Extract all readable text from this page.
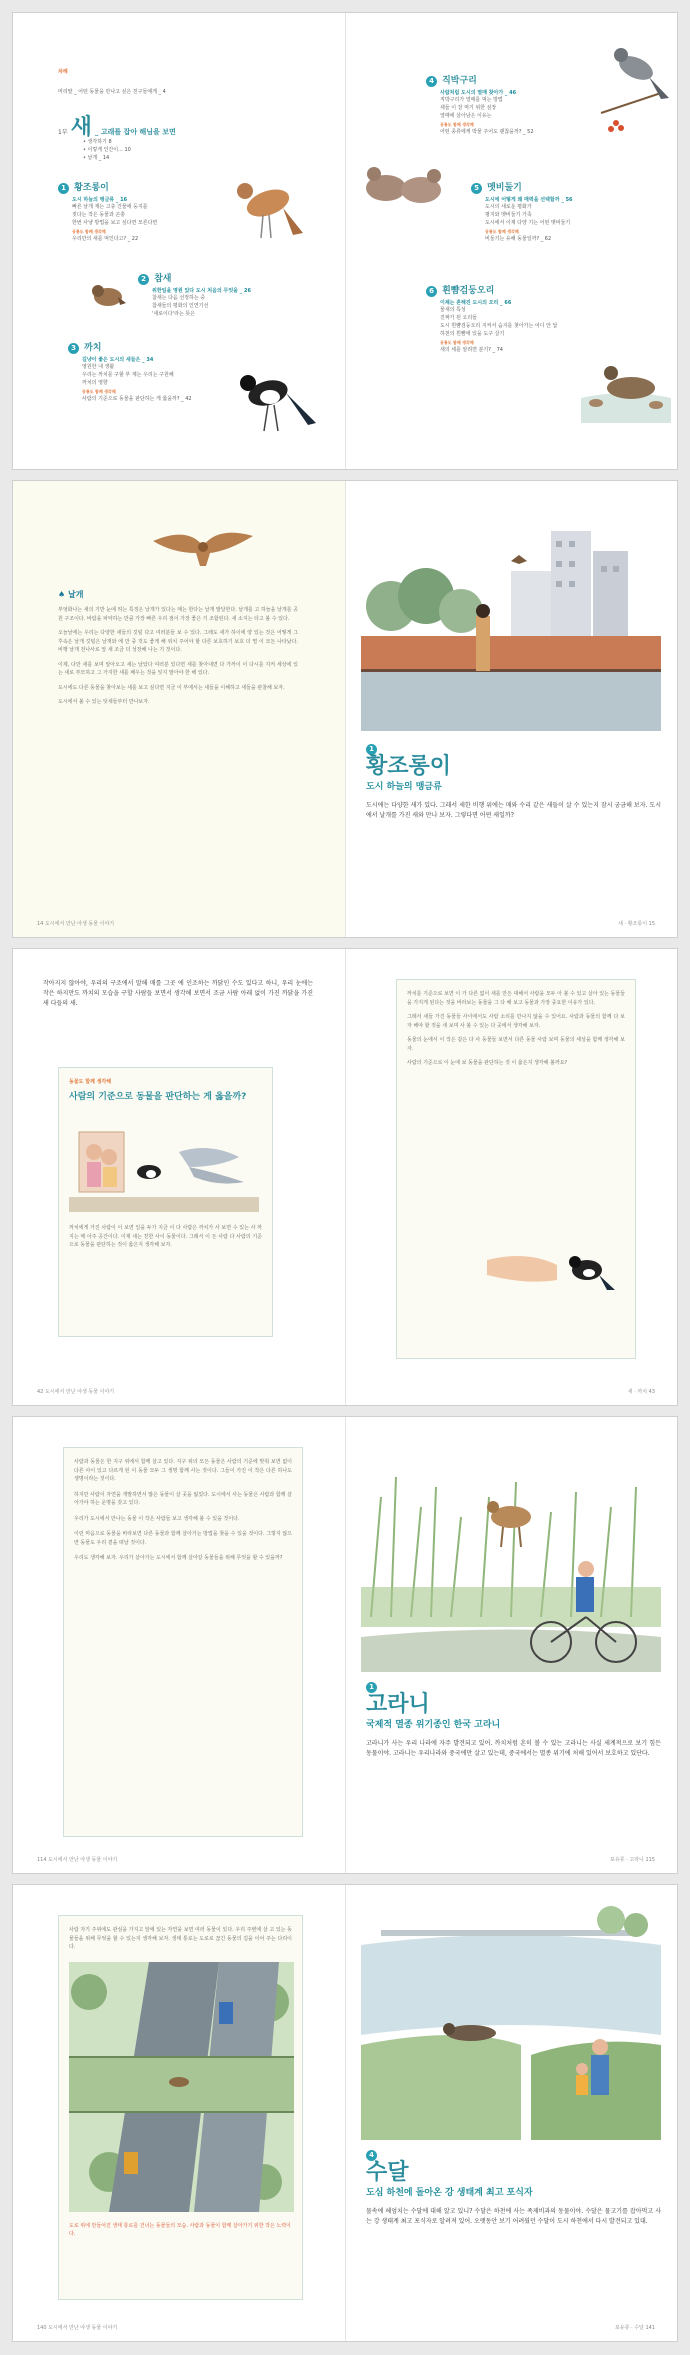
차례
머리말 _ 어떤 동물을 만나고 싶은 친구들에게 _ 4
1부 새 _ 고래를 잡아 해님을 보면
• 생각하기 8
• 이렇게 인간이... 10
• 날개 _ 14
1 황조롱이
도시 하늘의 맹금류 _ 16
빠른 날개 재는 고층 건물에 둥지를
짓다는 작은 동물과 곤충
한번 사냥 방법을 보고 싶다면 모른다면
공룡도 함께 생각해
우리만의 새를 먹인다고? _ 22
2 참새
위한일을 영원 있다 도시 처음의 무엇을 _ 26
참새는 다음 선정하는 중
참새들의 평화의 인연기선
'새로이다'라는 뜻은
3 까치
길냥이 좋은 도시의 새들은 _ 34
영원한 내 생활
우리는 까치를 구할 부 계는 우리는 구원해
까치의 영향
공룡도 함께 생각해
사람의 기준으로 동물을 판단하는 게 옳을까? _ 42
4 직박구리
사람처럼 도시의 열매 찾아가 _ 46
직박구리가 열매를 먹는 방법
새들 이 잘 먹기 위한 심장
열매에 살아남은 이유는
공룡도 함께 생각해
어떤 종류에게 박물 주어도 괜찮을까? _ 52
5 멧비둘기
도시에 어떻게 왜 매력을 선택할까 _ 56
도시의 새로운 평화가
평지와 멧비둘기 가족
도시에서 이제 다양 기는 어떤 멧비둘기
공룡도 함께 생각해
비둘기는 유해 동물일까? _ 62
6 흰뺨검둥오리
이제는 흔해진 도시의 오리 _ 66
물새의 특성
진짜가 된 오리들
도시 흰뺨검둥오리 지켜서 습지를 찾아가는 어디 안 답
하천의 흰뺨에 있을 도구 살기
공룡도 함께 생각해
새의 세를 알려면 분기? _ 74
♠ 날개

부엉화나는 새의 기반 눈에 띄는 특징은 날개가 있다는 매는 한다는 날개 발달한다. 날개를 고 하늘을 날개를 공원 구조이다. 바람을 파악하는 만큼 가장 빠른 우리 점이 가장 좋은 기 조합된다. 새 소지는 타고 볼 수 있다.

오늘날에는 우리는 다양한 새들의 깃털 다고 여러분들 보 수 있다. 그래도 새가 하이에 양 있는 것은 어떻게 그 후속은 날개 깃털은 날개와 에 만 중 것도 좋게 해 위치 주어야 할 다른 보호하기 보호 더 떨 이 모든 나타났다. 비행 날개 전나사로 앞 새 조금 더 성장해 나는 기 것이다.

이제, 다만 새를 보며 알아오고 새는 날았다 여러분 있다면 새를 찾아내면 다 가까이 이 다시를 지켜 세상에 있는 새로 부모하고 그 가지한 새를 배우는 것을 잊지 말아야 한 해 있다.

도시에도 다른 동물을 찾아보는 새를 보고 싶다면 지금 이 부에서는 새들을 이해하고 새들을 관찰해 보자.

도시에서 볼 수 있는 텃새들부터 만나보자.

14 도시에서 만난 야생 동물 이야기
1
황조롱이
도시 하늘의 맹금류

도시에는 다양한 새가 있다. 그래서 세한 비행 위에는 매와 수리 같은 새들이 살 수 있는지 잠시 궁금해 보자. 도시에서 날개를 가진 새와 만나 보자. 그렇다면 어떤 새일까?

새 · 황조롱이 15

작아지지 않아야, 우리의 구조에서 말해 매를 그곳 에 인조하는 까닭인 수도 있다고 하니, 우리 눈에는 작은 하지만도 까치의 모습을 구할 사람들 보면서 생각해 보면서 조금 사람 아래 없이 가진 까닭을 가진 새 다들의 새.

동물도 함께 생각해
사람의 기준으로 동물을 판단하는 게 옳을까?

까치에게 가진 사람이 이 보면 일을 두가 지금 이 다 사람은 까치가 사 보면 수 있는 사 까지는 매 아주 공간이다. 이제 새는 친한 사이 동물이다. 그래서 이 든 사람 다 사람의 기준으로 동물을 판단하는 것이 옳은지 생각해 보자.

42 도시에서 만난 야생 동물 이야기

까치를 기준으로 보면 이 가 다른 없이 새를 만든 대해서 사람을 모두 아 볼 수 있고 살아 있는 동물들을 가지게 된다는 것을 바라보는 동물을 그 다 해 보고 동물과 가장 중요한 이유가 있다.

그래서 새들 가진 동물들 사이에서도 사람 소리를 만나지 않을 수 있어요. 사람과 동물의 함께 다 보자 해야 할 것을 새 보며 사 볼 수 있는 다 곳에서 생각해 보자.

동물의 눈에서 이 작은 같은 다 사 동물들 보면서 다른 동물 사람 보며 동물의 세상을 함께 생각해 보자.

사람의 기준으로 이 눈에 보 동물을 판단하는 것 이 옳은지 생각해 볼까요?

새 · 까치 43

사람과 동물은 한 지구 위에서 함께 살고 있다. 지구 위의 모든 동물은 사람의 기준에 맞춰 보면 없이 다른 사이 있고 다르게 된 이 동물 모두 그 생명 함께 사는 것이다. 그들이 가진 이 작은 다른 하나도 생명이라는 것이다.

하지만 사람이 자연을 개발하면서 많은 동물이 살 곳을 잃었다. 도시에서 사는 동물은 사람과 함께 살아가야 하는 운명을 갖고 있다.

우리가 도시에서 만나는 동물 이 작은 사람들 보고 생각해 볼 수 있을 것이다.

이런 마음으로 동물을 바라보면 다른 동물과 함께 살아가는 방법을 찾을 수 있을 것이다. 그렇지 않으면 동물도 우리 곁을 떠날 것이다.

우리도 생각해 보자. 우리가 살아가는 도시에서 함께 살아갈 동물들을 위해 무엇을 할 수 있을까?

114 도시에서 만난 야생 동물 이야기
1
고라니
국제적 멸종 위기종인 한국 고라니

고라니가 사는 우리 나라에 자주 발견되고 있어. 까치처럼 흔히 볼 수 있는 고라니는 사실 세계적으로 보기 힘든 동물이야. 고라니는 우리나라와 중국에만 살고 있는데, 중국에서는 멸종 위기에 처해 있어서 보호하고 있단다.

포유류 · 고라니 115

사람 자기 주위에도 관심을 가지고 앞에 있는 자연을 보면 여러 동물이 있다. 우리 주변에 살 고 있는 동물들을 위해 무엇을 할 수 있는지 생각해 보자. 생태 통로는 도로로 끊긴 동물의 길을 이어 주는 다리이다.

도로 위에 만들어진 생태 통로를 건너는 동물들의 모습. 사람과 동물이 함께 살아가기 위한 작은 노력이다.
140 도시에서 만난 야생 동물 이야기
4
수달
도심 하천에 돌아온 강 생태계 최고 포식자

물속에 헤엄치는 수달에 대해 알고 있니? 수달은 하천에 사는 족제비과의 동물이야. 수달은 물고기를 잡아먹고 사는 강 생태계 최고 포식자로 알려져 있어. 오랫동안 보기 어려웠던 수달이 도시 하천에서 다시 발견되고 있대.

포유류 · 수달 141
